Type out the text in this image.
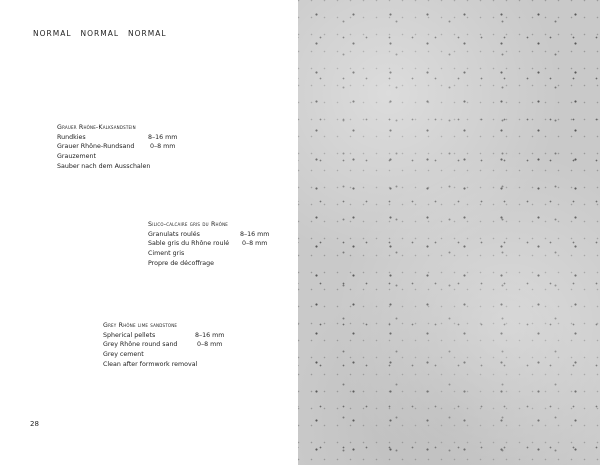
NORMAL NORMAL NORMAL
Grauer Rhône-Kalksandstein
Rundkies	8–16 mm
Grauer Rhône-Rundsand	0–8 mm
Grauzement
Sauber nach dem Ausschalen
Silico-calcaire gris du Rhône
Granulats roulés	8–16 mm
Sable gris du Rhône roulé	0–8 mm
Ciment gris
Propre de décoffrage
Grey Rhône lime sandstone
Spherical pellets	8–16 mm
Grey Rhône round sand	0–8 mm
Grey cement
Clean after formwork removal
28
